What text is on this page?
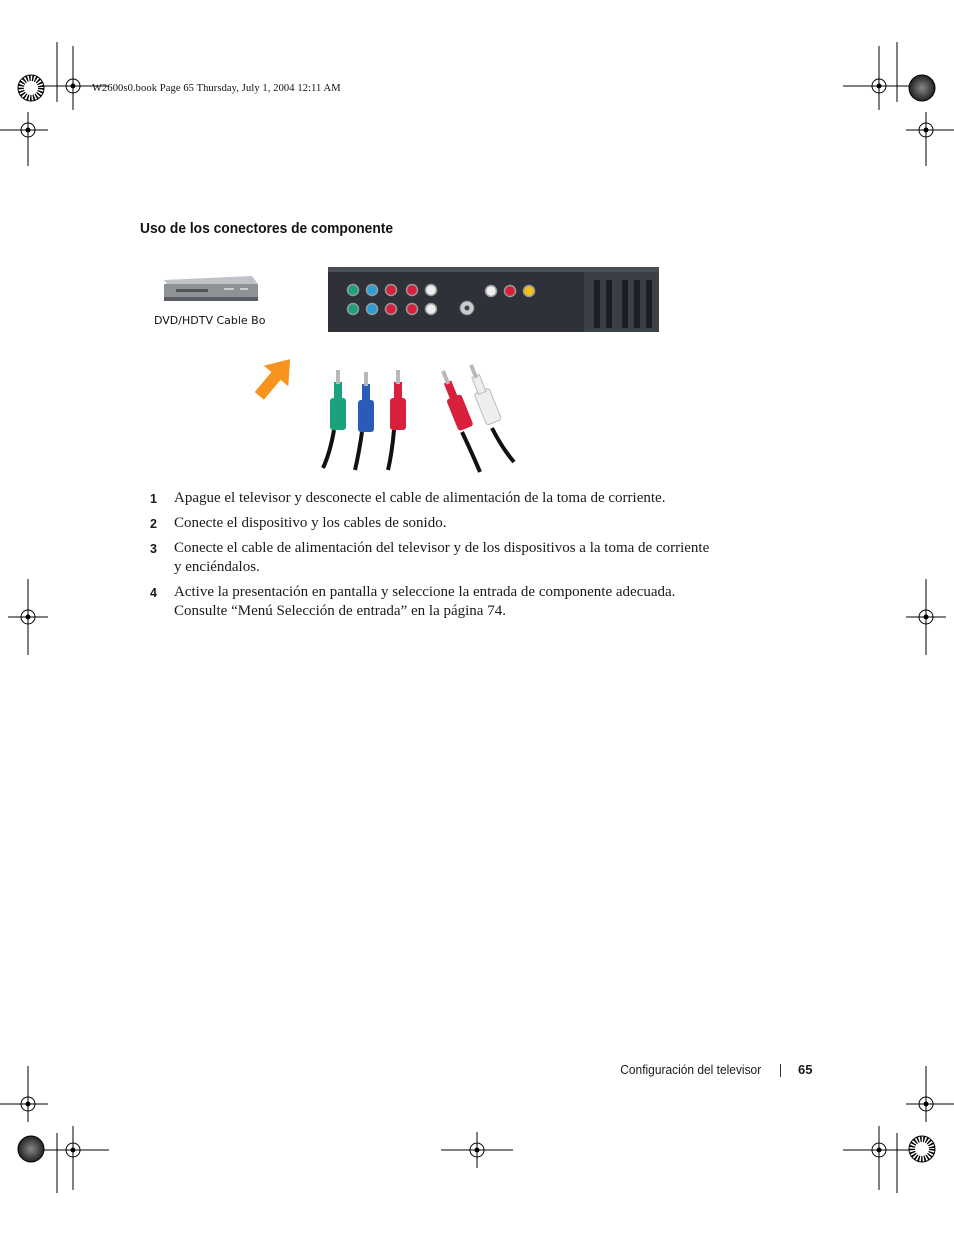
W2600s0.book Page 65 Thursday, July 1, 2004 12:11 AM
Uso de los conectores de componente
DVD/HDTV Cable Bo
1 Apague el televisor y desconecte el cable de alimentación de la toma de corriente.
2 Conecte el dispositivo y los cables de sonido.
3 Conecte el cable de alimentación del televisor y de los dispositivos a la toma de corriente y enciéndalos.
4 Active la presentación en pantalla y seleccione la entrada de componente adecuada. Consulte “Menú Selección de entrada” en la página 74.
Configuración del televisor	65
